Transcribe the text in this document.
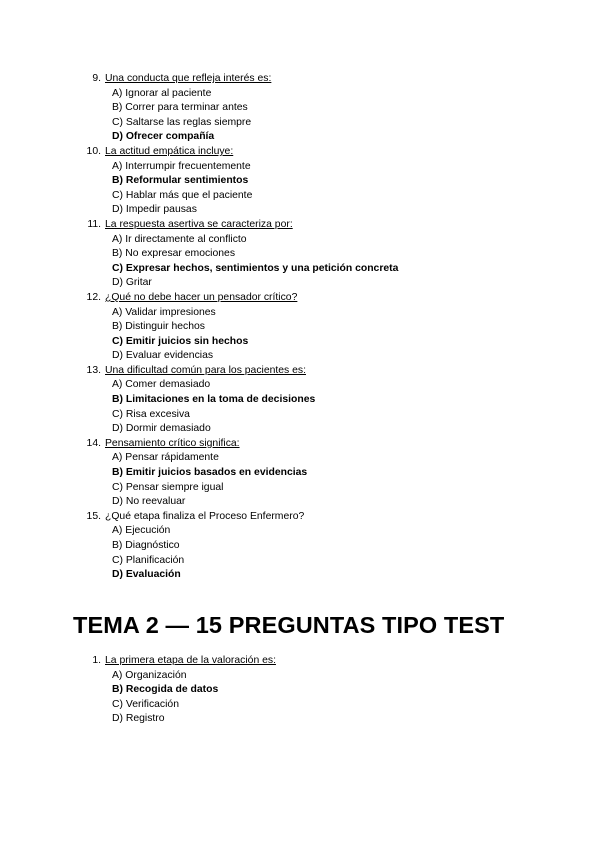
9. Una conducta que refleja interés es:
A) Ignorar al paciente
B) Correr para terminar antes
C) Saltarse las reglas siempre
D) Ofrecer compañía
10. La actitud empática incluye:
A) Interrumpir frecuentemente
B) Reformular sentimientos
C) Hablar más que el paciente
D) Impedir pausas
11. La respuesta asertiva se caracteriza por:
A) Ir directamente al conflicto
B) No expresar emociones
C) Expresar hechos, sentimientos y una petición concreta
D) Gritar
12. ¿Qué no debe hacer un pensador crítico?
A) Validar impresiones
B) Distinguir hechos
C) Emitir juicios sin hechos
D) Evaluar evidencias
13. Una dificultad común para los pacientes es:
A) Comer demasiado
B) Limitaciones en la toma de decisiones
C) Risa excesiva
D) Dormir demasiado
14. Pensamiento crítico significa:
A) Pensar rápidamente
B) Emitir juicios basados en evidencias
C) Pensar siempre igual
D) No reevaluar
15. ¿Qué etapa finaliza el Proceso Enfermero?
A) Ejecución
B) Diagnóstico
C) Planificación
D) Evaluación
TEMA 2 — 15 PREGUNTAS TIPO TEST
1. La primera etapa de la valoración es:
A) Organización
B) Recogida de datos
C) Verificación
D) Registro
